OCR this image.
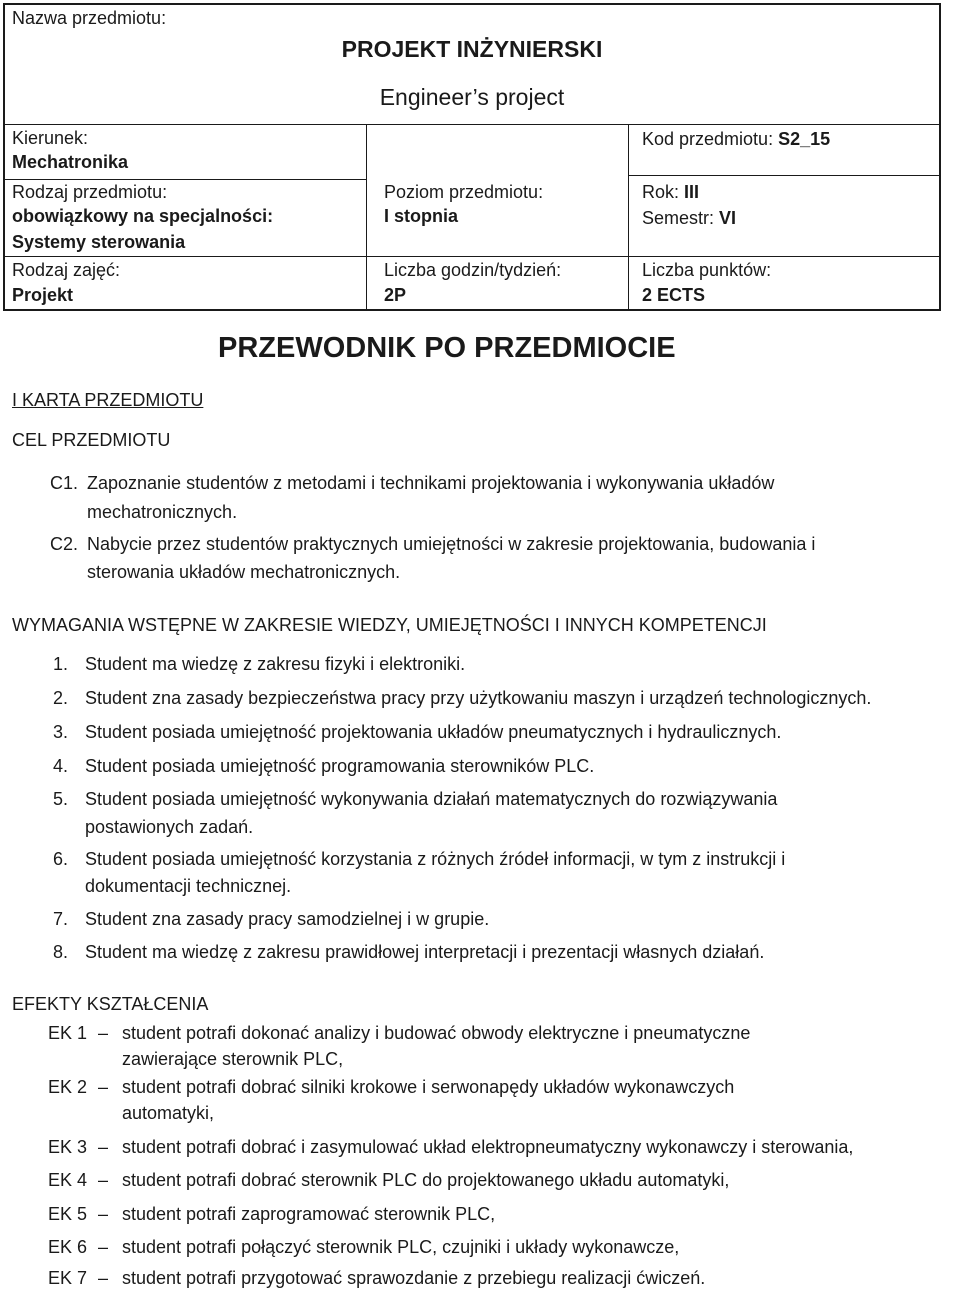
Nazwa przedmiotu:
PROJEKT INŻYNIERSKI
Engineer’s project
Kierunek:
Mechatronika
Rodzaj przedmiotu:
obowiązkowy na specjalności:
Systemy sterowania
Rodzaj zajęć:
Projekt
Poziom przedmiotu:
I stopnia
Liczba godzin/tydzień:
2P
Kod przedmiotu: S2_15
Rok: III
Semestr: VI
Liczba punktów:
2 ECTS
PRZEWODNIK PO PRZEDMIOCIE
I KARTA PRZEDMIOTU
CEL PRZEDMIOTU
C1. Zapoznanie studentów z metodami i technikami projektowania i wykonywania układów
mechatronicznych.
C2. Nabycie przez studentów praktycznych umiejętności w zakresie projektowania, budowania i
sterowania układów mechatronicznych.
WYMAGANIA WSTĘPNE W ZAKRESIE WIEDZY, UMIEJĘTNOŚCI I INNYCH KOMPETENCJI
1. Student ma wiedzę z zakresu fizyki i elektroniki.
2. Student zna zasady bezpieczeństwa pracy przy użytkowaniu maszyn i urządzeń technologicznych.
3. Student posiada umiejętność projektowania układów pneumatycznych i hydraulicznych.
4. Student posiada umiejętność programowania sterowników PLC.
5. Student posiada umiejętność wykonywania działań matematycznych do rozwiązywania
postawionych zadań.
6. Student posiada umiejętność korzystania z różnych źródeł informacji, w tym z instrukcji i
dokumentacji technicznej.
7. Student zna zasady pracy samodzielnej i w grupie.
8. Student ma wiedzę z zakresu prawidłowej interpretacji i prezentacji własnych działań.
EFEKTY KSZTAŁCENIA
EK 1 – student potrafi dokonać analizy i budować obwody elektryczne i pneumatyczne
zawierające sterownik PLC,
EK 2 – student potrafi dobrać silniki krokowe i serwonapędy układów wykonawczych
automatyki,
EK 3 – student potrafi dobrać i zasymulować układ elektropneumatyczny wykonawczy i sterowania,
EK 4 – student potrafi dobrać sterownik PLC do projektowanego układu automatyki,
EK 5 – student potrafi zaprogramować sterownik PLC,
EK 6 – student potrafi połączyć sterownik PLC, czujniki i układy wykonawcze,
EK 7 – student potrafi przygotować sprawozdanie z przebiegu realizacji ćwiczeń.
